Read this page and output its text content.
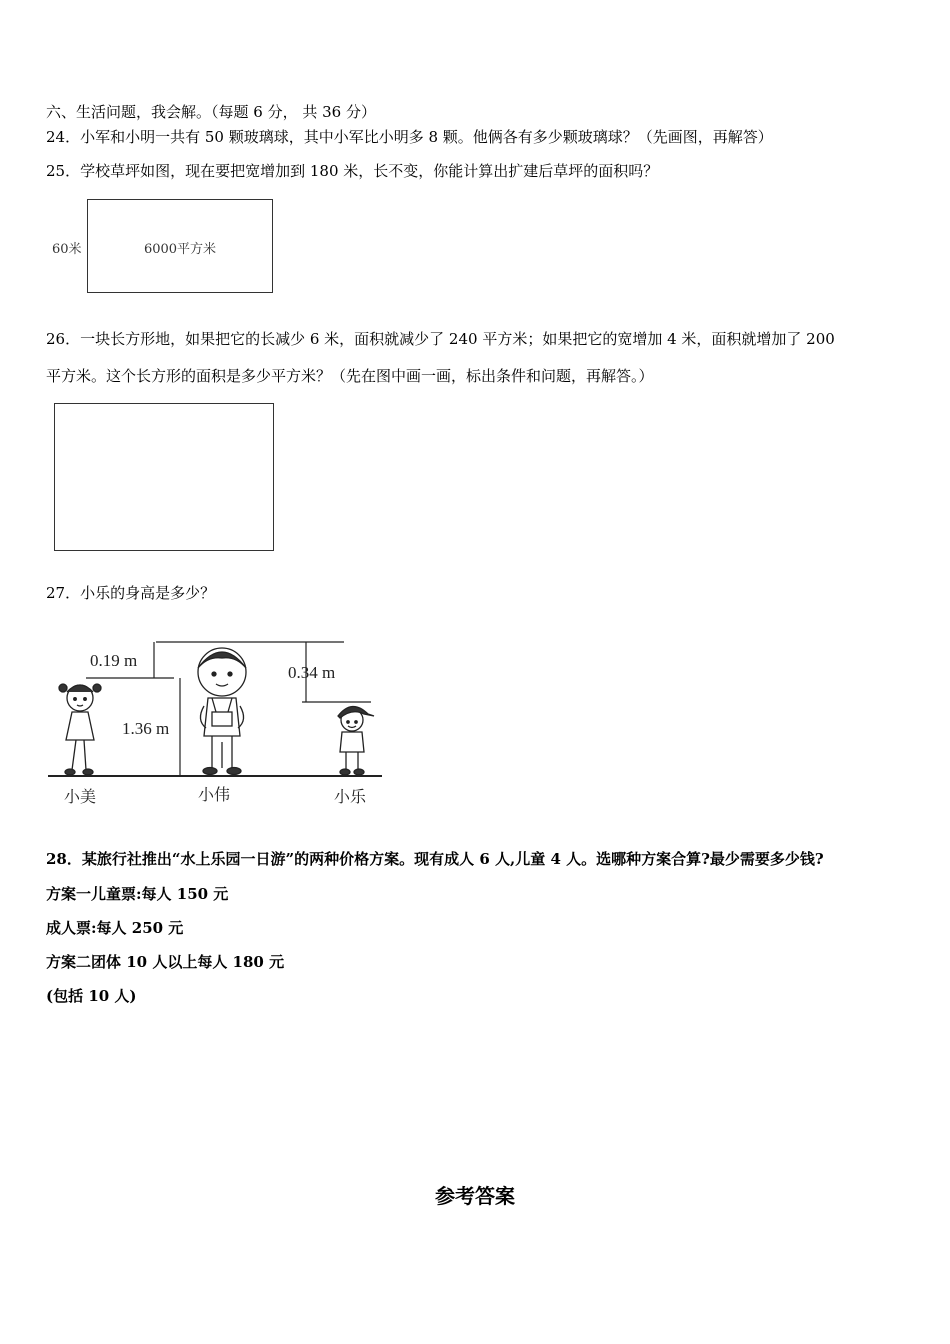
六、生活问题，我会解。（每题 6 分， 共 36 分）
24．小军和小明一共有 50 颗玻璃球，其中小军比小明多 8 颗。他俩各有多少颗玻璃球？（先画图，再解答）
25．学校草坪如图，现在要把宽增加到 180 米，长不变，你能计算出扩建后草坪的面积吗？
60米	6000平方米
26．一块长方形地，如果把它的长减少 6 米，面积就减少了 240 平方米；如果把它的宽增加 4 米，面积就增加了 200
平方米。这个长方形的面积是多少平方米？（先在图中画一画，标出条件和问题，再解答。）
27．小乐的身高是多少？
0.19 m
1.36 m
0.34 m
小美	小伟	小乐
28．某旅行社推出“水上乐园一日游”的两种价格方案。现有成人 6 人,儿童 4 人。选哪种方案合算?最少需要多少钱?
方案一儿童票:每人 150 元
成人票:每人 250 元
方案二团体 10 人以上每人 180 元
(包括 10 人)
参考答案
